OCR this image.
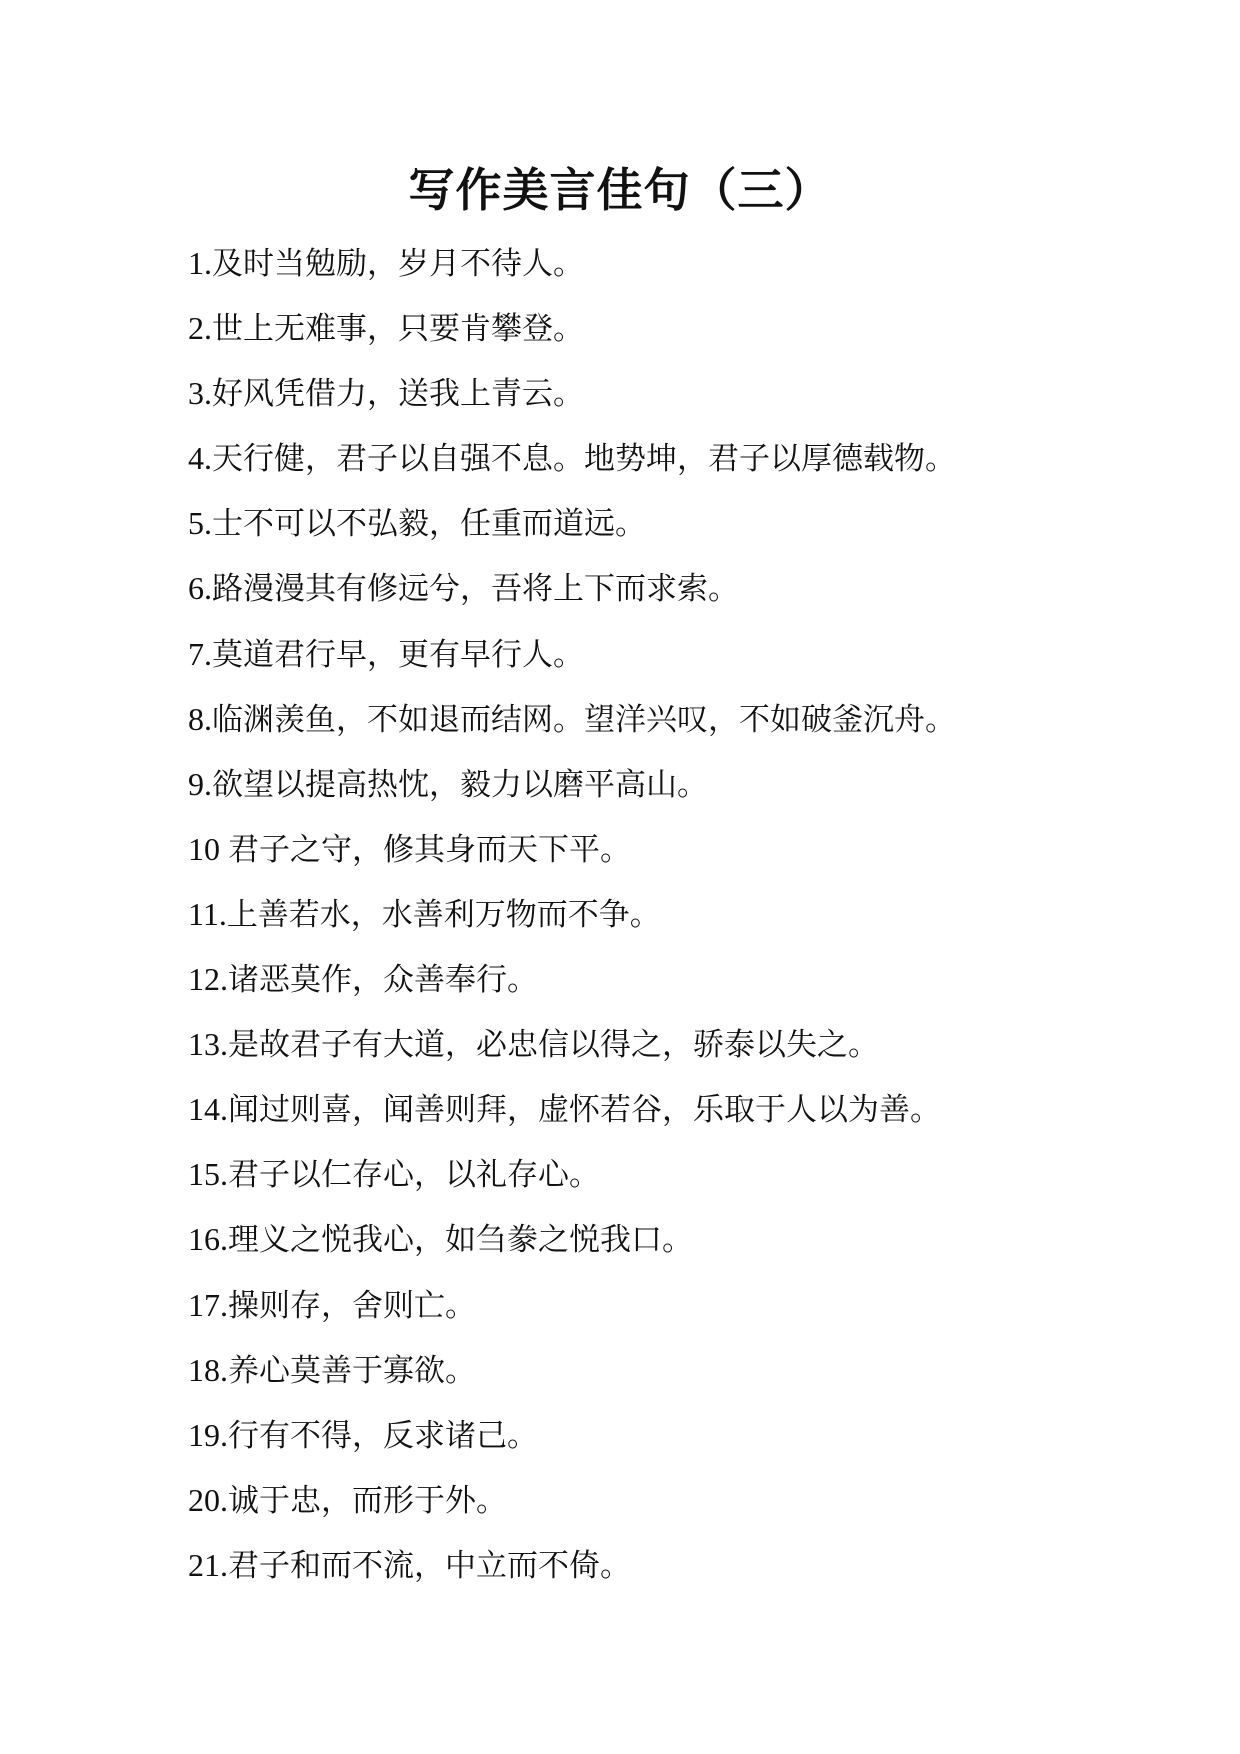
写作美言佳句（三）
1.及时当勉励，岁月不待人。
2.世上无难事，只要肯攀登。
3.好风凭借力，送我上青云。
4.天行健，君子以自强不息。地势坤，君子以厚德载物。
5.士不可以不弘毅，任重而道远。
6.路漫漫其有修远兮，吾将上下而求索。
7.莫道君行早，更有早行人。
8.临渊羡鱼，不如退而结网。望洋兴叹，不如破釜沉舟。
9.欲望以提高热忱，毅力以磨平高山。
10 君子之守，修其身而天下平。
11.上善若水，水善利万物而不争。
12.诸恶莫作，众善奉行。
13.是故君子有大道，必忠信以得之，骄泰以失之。
14.闻过则喜，闻善则拜，虚怀若谷，乐取于人以为善。
15.君子以仁存心，以礼存心。
16.理义之悦我心，如刍豢之悦我口。
17.操则存，舍则亡。
18.养心莫善于寡欲。
19.行有不得，反求诸己。
20.诚于忠，而形于外。
21.君子和而不流，中立而不倚。
